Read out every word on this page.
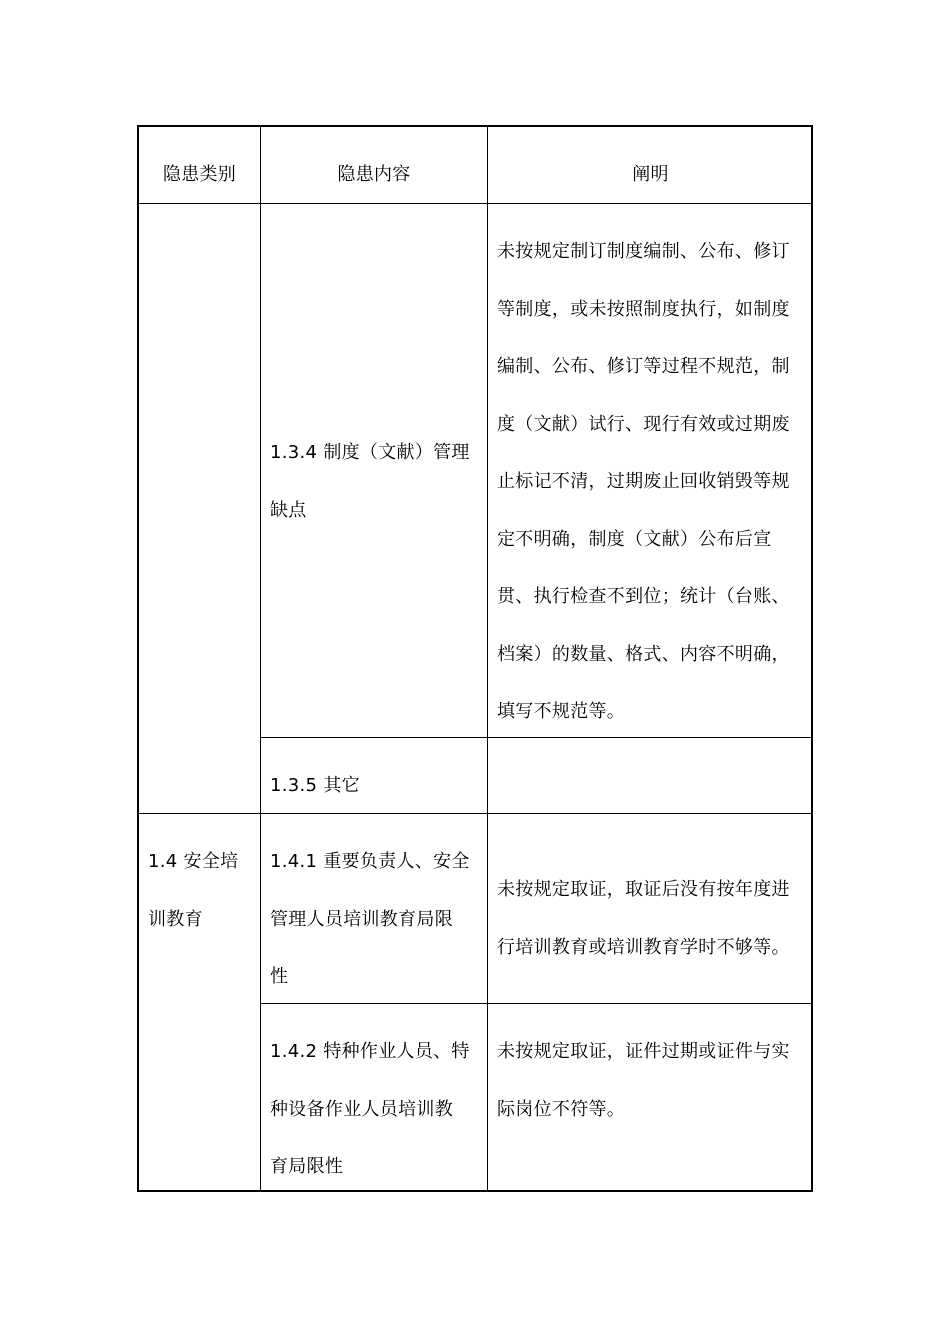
隐患类别	隐患内容	阐明
1.3.4 制度（文献）管理
缺点
未按规定制订制度编制、公布、修订
等制度，或未按照制度执行，如制度
编制、公布、修订等过程不规范，制
度（文献）试行、现行有效或过期废
止标记不清，过期废止回收销毁等规
定不明确，制度（文献）公布后宣
贯、执行检查不到位；统计（台账、
档案）的数量、格式、内容不明确，
填写不规范等。
1.3.5 其它
1.4 安全培
训教育
1.4.1 重要负责人、安全
管理人员培训教育局限
性
未按规定取证，取证后没有按年度进
行培训教育或培训教育学时不够等。
1.4.2 特种作业人员、特
种设备作业人员培训教
育局限性
未按规定取证，证件过期或证件与实
际岗位不符等。
